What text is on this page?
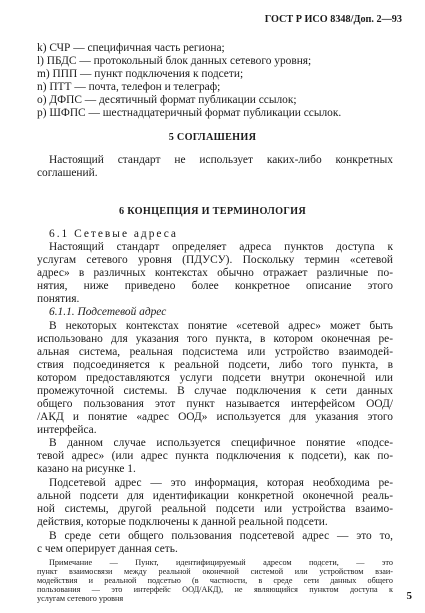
ГОСТ Р ИСО 8348/Доп. 2—93
k) СЧР — специфичная часть региона;
l) ПБДС — протокольный блок данных сетевого уровня;
m) ППП — пункт подключения к подсети;
n) ПТТ — почта, телефон и телеграф;
o) ДФПС — десятичный формат публикации ссылок;
p) ШФПС — шестнадцатеричный формат публикации ссылок.
5 СОГЛАШЕНИЯ
Настоящий стандарт не использует каких-либо конкретных
соглашений.
6 КОНЦЕПЦИЯ И ТЕРМИНОЛОГИЯ
6.1 Сетевые адреса
Настоящий стандарт определяет адреса пунктов доступа к
услугам сетевого уровня (ПДУСУ). Поскольку термин «сетевой
адрес» в различных контекстах обычно отражает различные по-
нятия, ниже приведено более конкретное описание этого
понятия.
6.1.1. Подсетевой адрес
В некоторых контекстах понятие «сетевой адрес» может быть
использовано для указания того пункта, в котором оконечная ре-
альная система, реальная подсистема или устройство взаимодей-
ствия подсоединяется к реальной подсети, либо того пункта, в
котором предоставляются услуги подсети внутри оконечной или
промежуточной системы. В случае подключения к сети данных
общего пользования этот пункт называется интерфейсом ООД/
/АКД и понятие «адрес ООД» используется для указания этого
интерфейса.
В данном случае используется специфичное понятие «подсе-
тевой адрес» (или адрес пункта подключения к подсети), как по-
казано на рисунке 1.
Подсетевой адрес — это информация, которая необходима ре-
альной подсети для идентификации конкретной оконечной реаль-
ной системы, другой реальной подсети или устройства взаимо-
действия, которые подключены к данной реальной подсети.
В среде сети общего пользования подсетевой адрес — это то,
с чем оперирует данная сеть.
Примечание — Пункт, идентифицируемый адресом подсети, — это
пункт взаимосвязи между реальной оконечной системой или устройством взаи-
модействия и реальной подсетью (в частности, в среде сети данных общего
пользования — это интерфейс ООД/АКД), не являющийся пунктом доступа к
услугам сетевого уровня	5
